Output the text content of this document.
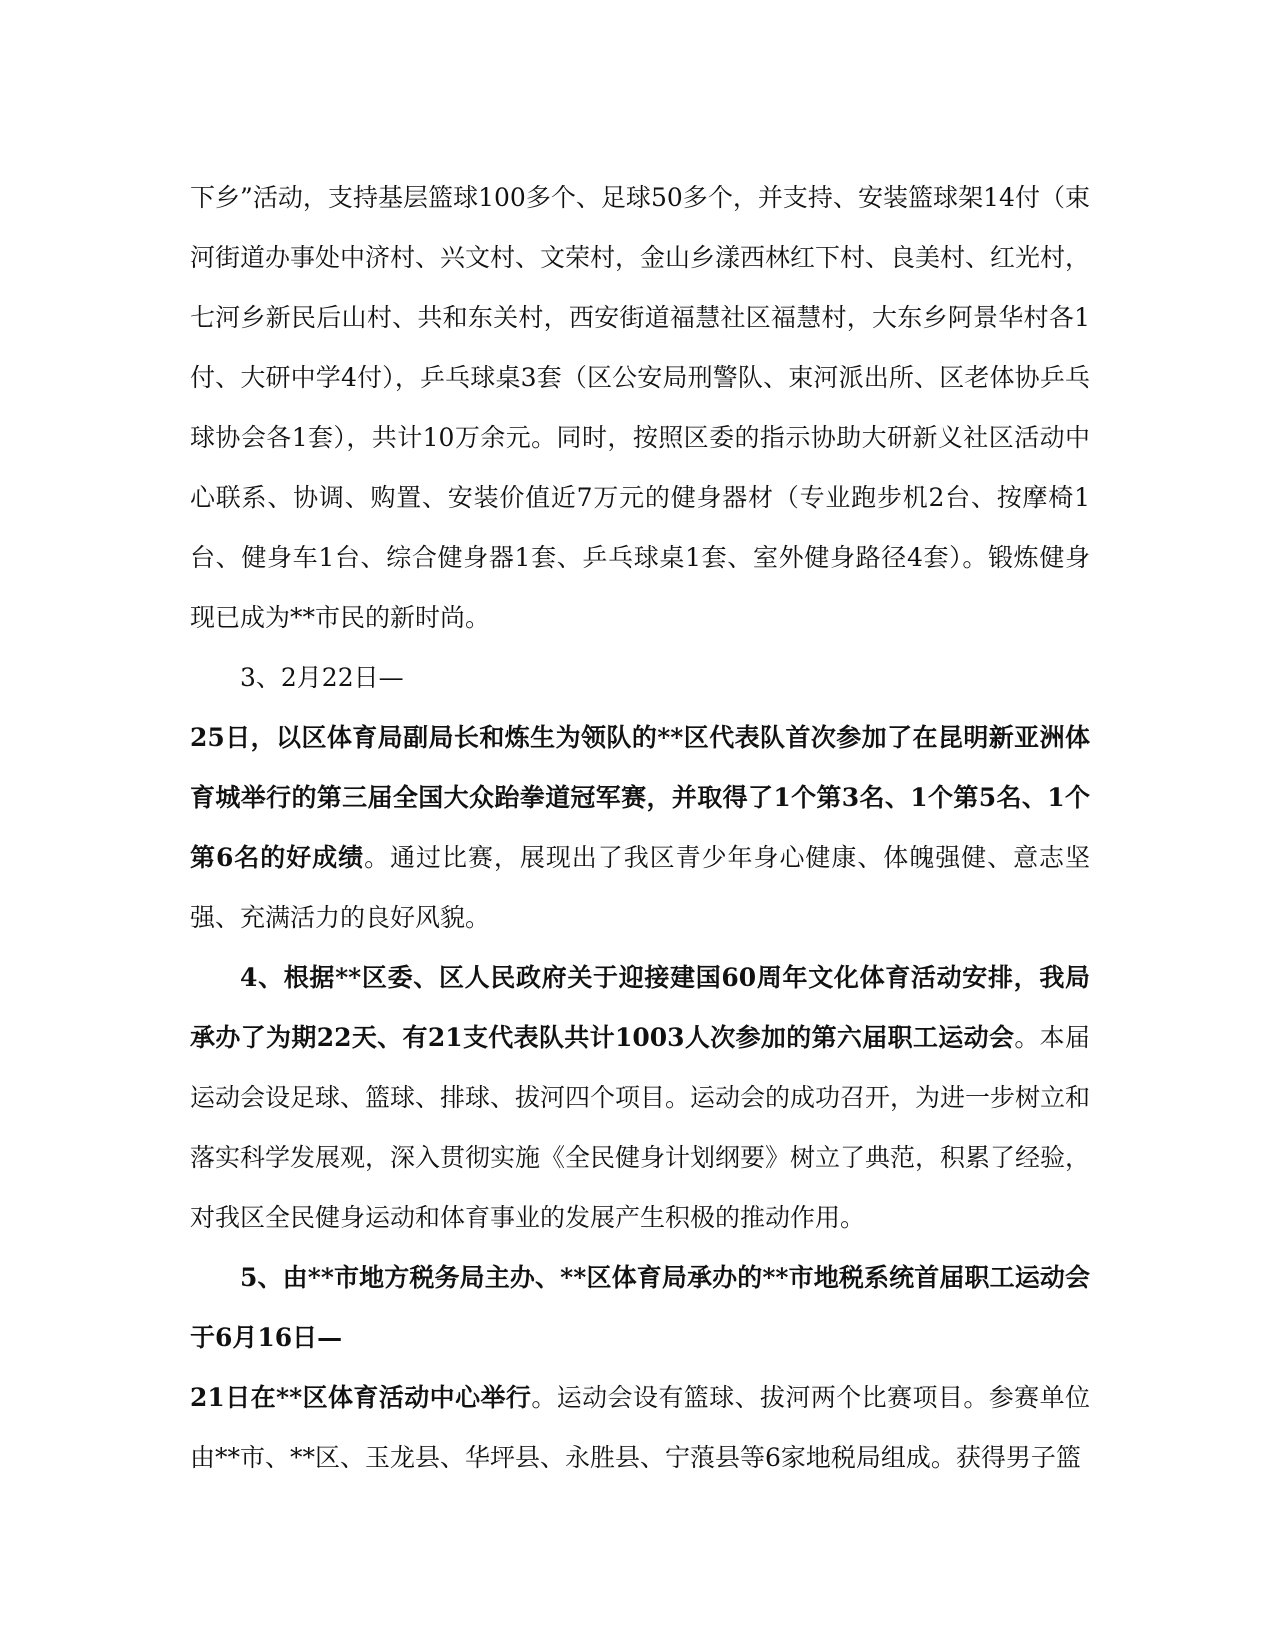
下乡”活动，支持基层篮球100多个、足球50多个，并支持、安装篮球架14付（束河街道办事处中济村、兴文村、文荣村，金山乡漾西林红下村、良美村、红光村，七河乡新民后山村、共和东关村，西安街道福慧社区福慧村，大东乡阿景华村各1付、大研中学4付），乒乓球桌3套（区公安局刑警队、束河派出所、区老体协乒乓球协会各1套），共计10万余元。同时，按照区委的指示协助大研新义社区活动中心联系、协调、购置、安装价值近7万元的健身器材（专业跑步机2台、按摩椅1台、健身车1台、综合健身器1套、乒乓球桌1套、室外健身路径4套）。锻炼健身现已成为**市民的新时尚。

3、2月22日—
25日，以区体育局副局长和炼生为领队的**区代表队首次参加了在昆明新亚洲体育城举行的第三届全国大众跆拳道冠军赛，并取得了1个第3名、1个第5名、1个第6名的好成绩。通过比赛，展现出了我区青少年身心健康、体魄强健、意志坚强、充满活力的良好风貌。

4、根据**区委、区人民政府关于迎接建国60周年文化体育活动安排，我局承办了为期22天、有21支代表队共计1003人次参加的第六届职工运动会。本届运动会设足球、篮球、排球、拔河四个项目。运动会的成功召开，为进一步树立和落实科学发展观，深入贯彻实施《全民健身计划纲要》树立了典范，积累了经验，对我区全民健身运动和体育事业的发展产生积极的推动作用。

5、由**市地方税务局主办、**区体育局承办的**市地税系统首届职工运动会于6月16日—
21日在**区体育活动中心举行。运动会设有篮球、拔河两个比赛项目。参赛单位由**市、**区、玉龙县、华坪县、永胜县、宁蒗县等6家地税局组成。获得男子篮
